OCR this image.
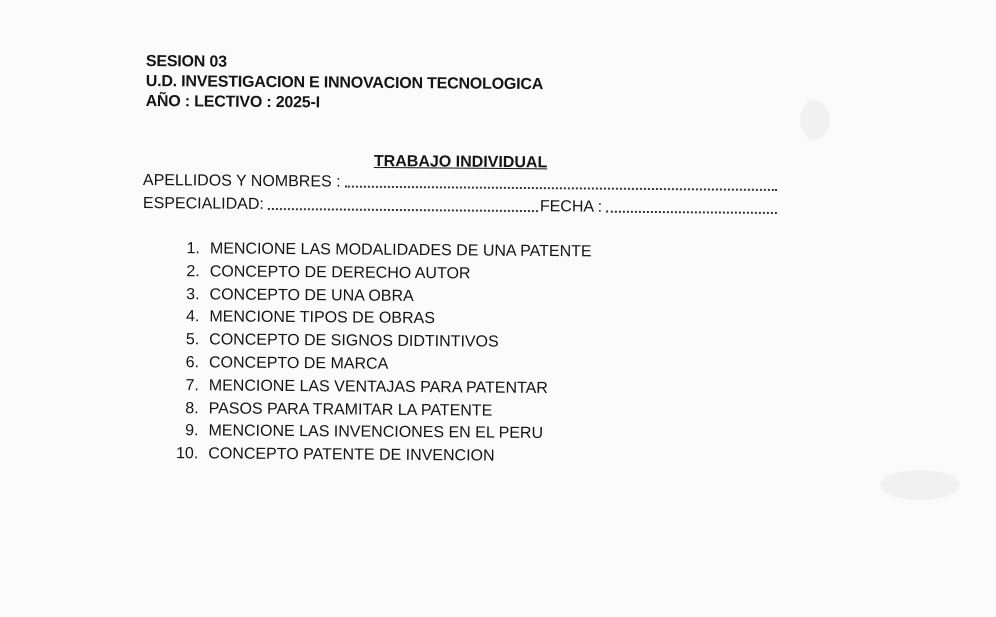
SESION 03
U.D. INVESTIGACION E INNOVACION TECNOLOGICA
AÑO : LECTIVO : 2025-I
TRABAJO INDIVIDUAL
APELLIDOS Y NOMBRES :
ESPECIALIDAD:	FECHA :
1. MENCIONE LAS MODALIDADES DE UNA PATENTE
2. CONCEPTO DE DERECHO AUTOR
3. CONCEPTO DE UNA OBRA
4. MENCIONE TIPOS DE OBRAS
5. CONCEPTO DE SIGNOS DIDTINTIVOS
6. CONCEPTO DE MARCA
7. MENCIONE LAS VENTAJAS PARA PATENTAR
8. PASOS PARA TRAMITAR LA PATENTE
9. MENCIONE LAS INVENCIONES EN EL PERU
10. CONCEPTO PATENTE DE INVENCION
